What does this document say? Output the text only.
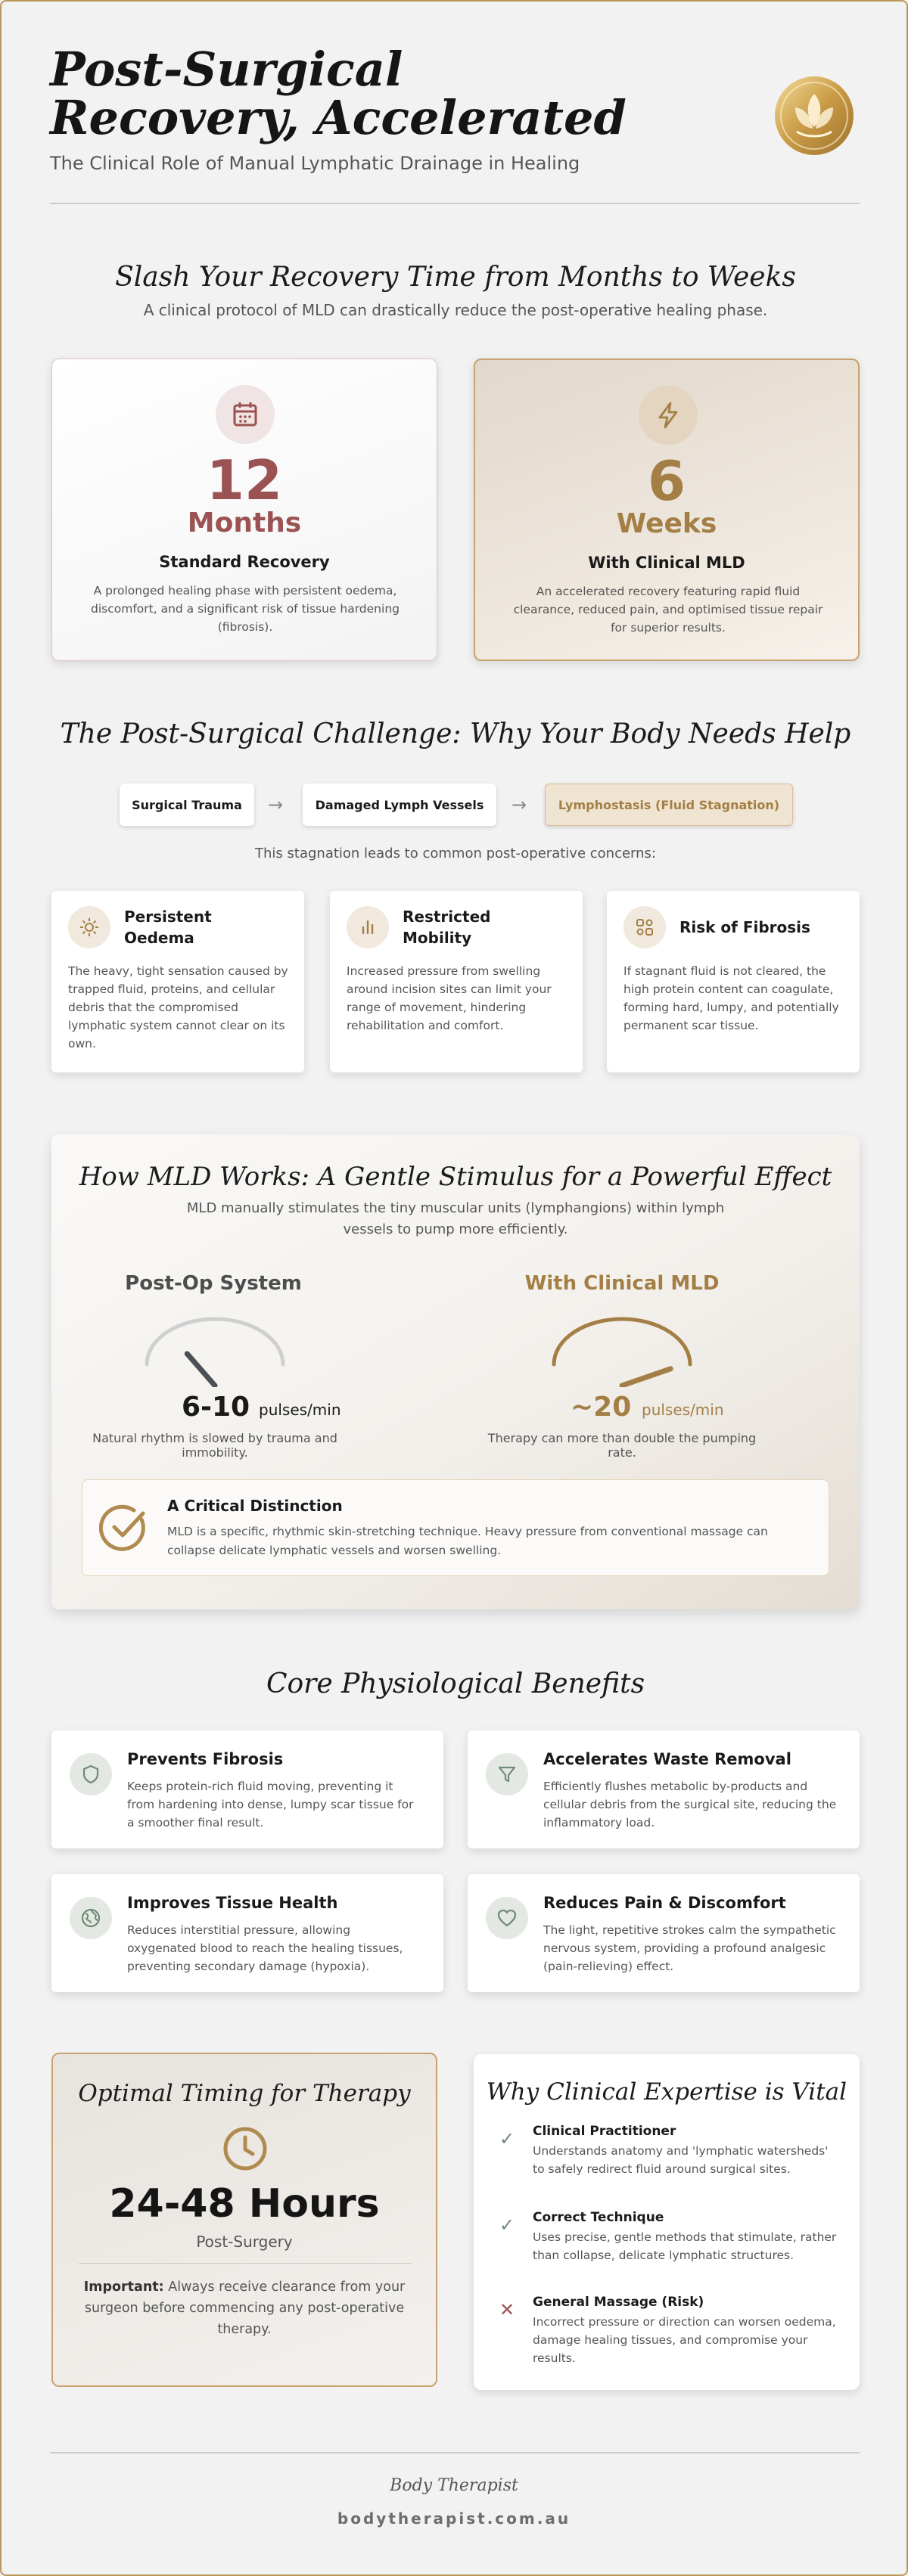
Post-Surgical
Recovery, Accelerated
The Clinical Role of Manual Lymphatic Drainage in Healing
Slash Your Recovery Time from Months to Weeks
A clinical protocol of MLD can drastically reduce the post-operative healing phase.
12
Months
Standard Recovery
A prolonged healing phase with persistent oedema, discomfort, and a significant risk of tissue hardening (fibrosis).
6
Weeks
With Clinical MLD
An accelerated recovery featuring rapid fluid clearance, reduced pain, and optimised tissue repair for superior results.
The Post-Surgical Challenge: Why Your Body Needs Help
Surgical Trauma	→	Damaged Lymph Vessels	→	Lymphostasis (Fluid Stagnation)
This stagnation leads to common post-operative concerns:
Persistent Oedema
The heavy, tight sensation caused by trapped fluid, proteins, and cellular debris that the compromised lymphatic system cannot clear on its own.
Restricted Mobility
Increased pressure from swelling around incision sites can limit your range of movement, hindering rehabilitation and comfort.
Risk of Fibrosis
If stagnant fluid is not cleared, the high protein content can coagulate, forming hard, lumpy, and potentially permanent scar tissue.
How MLD Works: A Gentle Stimulus for a Powerful Effect
MLD manually stimulates the tiny muscular units (lymphangions) within lymph vessels to pump more efficiently.
Post-Op System
6-10 pulses/min
Natural rhythm is slowed by trauma and immobility.
With Clinical MLD
~20 pulses/min
Therapy can more than double the pumping rate.
A Critical Distinction
MLD is a specific, rhythmic skin-stretching technique. Heavy pressure from conventional massage can collapse delicate lymphatic vessels and worsen swelling.
Core Physiological Benefits
Prevents Fibrosis
Keeps protein-rich fluid moving, preventing it from hardening into dense, lumpy scar tissue for a smoother final result.
Accelerates Waste Removal
Efficiently flushes metabolic by-products and cellular debris from the surgical site, reducing the inflammatory load.
Improves Tissue Health
Reduces interstitial pressure, allowing oxygenated blood to reach the healing tissues, preventing secondary damage (hypoxia).
Reduces Pain & Discomfort
The light, repetitive strokes calm the sympathetic nervous system, providing a profound analgesic (pain-relieving) effect.
Optimal Timing for Therapy
24-48 Hours
Post-Surgery
Important: Always receive clearance from your surgeon before commencing any post-operative therapy.
Why Clinical Expertise is Vital
✓ Clinical Practitioner
Understands anatomy and 'lymphatic watersheds' to safely redirect fluid around surgical sites.
✓ Correct Technique
Uses precise, gentle methods that stimulate, rather than collapse, delicate lymphatic structures.
✕ General Massage (Risk)
Incorrect pressure or direction can worsen oedema, damage healing tissues, and compromise your results.
Body Therapist
bodytherapist.com.au
